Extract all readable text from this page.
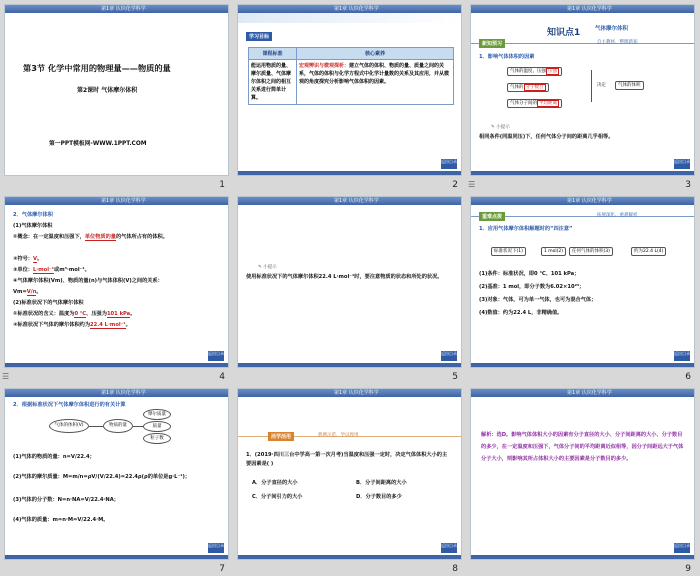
第1章 认识化学科学
第3节 化学中常用的物理量——物质的量
第2课时 气体摩尔体积
第一PPT模板网-WWW.1PPT.COM
1
第1章 认识化学科学
学习目标
课程标准	核心素养
能运用物质的量、摩尔质量、气体摩尔体积之间的相互关系进行简单计算。	宏观辨识与微观探析：建立气体的体积、物质的量、质量之间的关系，气体的体积与化学方程式中化学计量数的关系及其应用，并从微观的角度探究分析影响气体体积的因素。
返回目录
2
第1章 认识化学科学
知识点1	气体摩尔体积
新知预习	自主教材、整理新知
1．影响气体体积的因素
气体的温度、压强 压强
气体的 分子数目
气体分子间的 平均距离
决定	气体的体积
✎ 小提示
相同条件(同温同压)下，任何气体分子间的距离几乎相等。
返回目录
☰	3
第1章 认识化学科学
2．气体摩尔体积
(1)气体摩尔体积
①概念：在一定温度和压强下，单位物质的量的气体所占有的体积。
②符号：V。
③单位：L·mol⁻¹或m³·mol⁻¹。
④气体摩尔体积(Vm)、物质的量(n)与气体体积(V)之间的关系：
Vm=V/n。
(2)标准状况下的气体摩尔体积
①标准状况的含义：温度为0 ℃、压强为101 kPa。
②标准状况下气体的摩尔体积约为22.4 L·mol⁻¹。
返回目录
☰	4
第1章 认识化学科学
✎ 小提示
使用标准状况下的气体摩尔体积22.4 L·mol⁻¹时，要注意物质的状态和所处的状况。
返回目录
5
第1章 认识化学科学
重难点拨	拓展深化、重难解析
1．应用气体摩尔体积解题时的“四注意”
标准状况下(1)	1 mol(2)	任何气体的体积(3)	约为22.4 L(4)
(1)条件：标准状况，即0 ℃、101 kPa；
(2)基准：1 mol，即分子数为6.02×10²³；
(3)对象：气体，可为单一气体，也可为混合气体；
(4)数值：约为22.4 L，非精确值。
返回目录
6
第1章 认识化学科学
2．根据标准状况下气体摩尔体积进行的有关计算
气体的体积(V)	物质的量
摩尔质量
质量
粒子数
(1)气体的物质的量：n=V/22.4；
(2)气体的摩尔质量：M=m/n=ρV/(V/22.4)=22.4ρ(ρ的单位是g·L⁻¹)；
(3)气体的分子数：N=n·NA=V/22.4·NA；
(4)气体的质量：m=n·M=V/22.4·M。
返回目录
7
第1章 认识化学科学
活学活用	典例示范、学以致用
1．(2019·四川三台中学高一第一次月考)当温度和压强一定时，决定气体体积大小的主要因素是( )
A．分子直径的大小	B．分子间距离的大小
C．分子间引力的大小	D．分子数目的多少
返回目录
8
第1章 认识化学科学
解析：选D。影响气体体积大小的因素有分子直径的大小、分子间距离的大小、分子数目的多少，在一定温度和压强下，气体分子间的平均距离近似相等，因分子间距远大于气体分子大小，则影响其所占体积大小的主要因素是分子数目的多少。
返回目录
9
